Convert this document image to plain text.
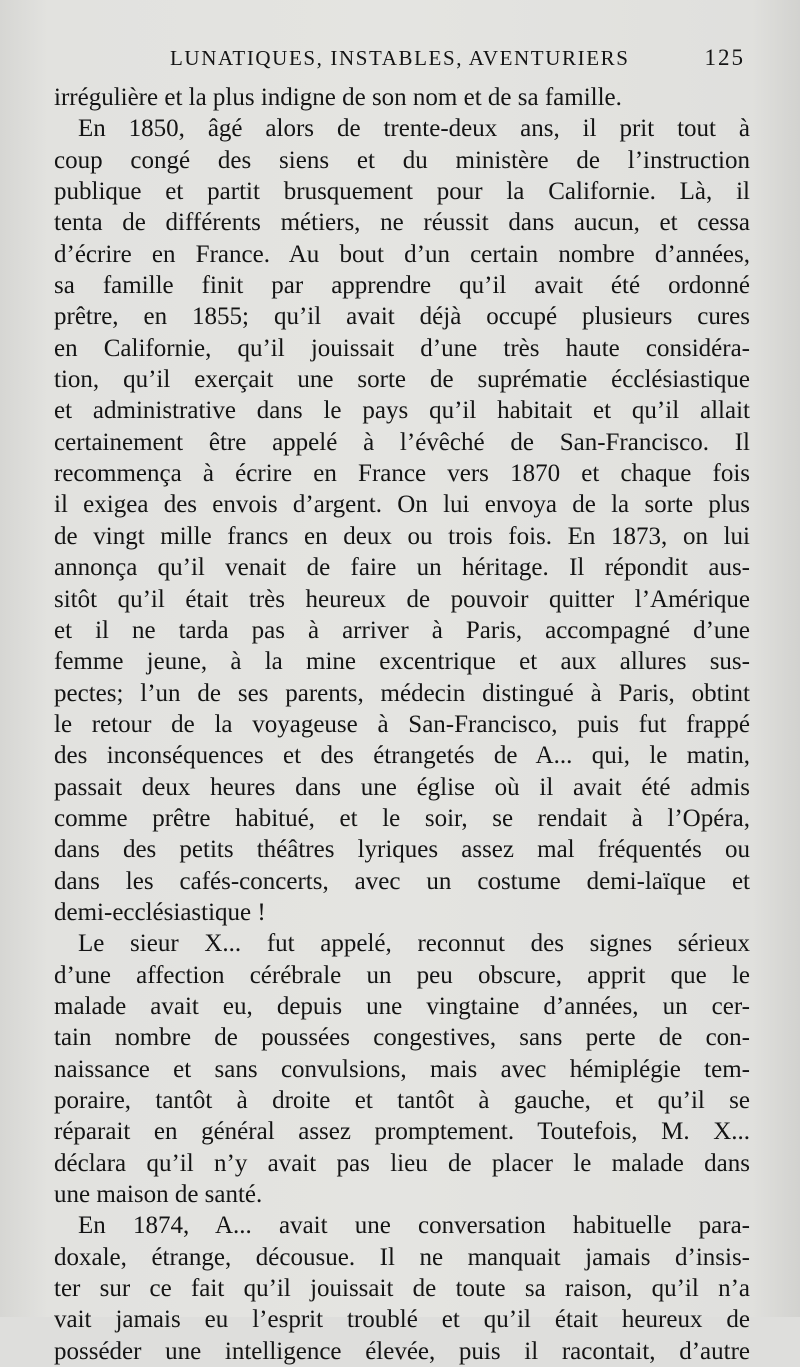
LUNATIQUES, INSTABLES, AVENTURIERS	125
irrégulière et la plus indigne de son nom et de sa famille.
En 1850, âgé alors de trente-deux ans, il prit tout à
coup congé des siens et du ministère de l’instruction
publique et partit brusquement pour la Californie. Là, il
tenta de différents métiers, ne réussit dans aucun, et cessa
d’écrire en France. Au bout d’un certain nombre d’années,
sa famille finit par apprendre qu’il avait été ordonné
prêtre, en 1855; qu’il avait déjà occupé plusieurs cures
en Californie, qu’il jouissait d’une très haute considéra-
tion, qu’il exerçait une sorte de suprématie écclésiastique
et administrative dans le pays qu’il habitait et qu’il allait
certainement être appelé à l’évêché de San-Francisco. Il
recommença à écrire en France vers 1870 et chaque fois
il exigea des envois d’argent. On lui envoya de la sorte plus
de vingt mille francs en deux ou trois fois. En 1873, on lui
annonça qu’il venait de faire un héritage. Il répondit aus-
sitôt qu’il était très heureux de pouvoir quitter l’Amérique
et il ne tarda pas à arriver à Paris, accompagné d’une
femme jeune, à la mine excentrique et aux allures sus-
pectes; l’un de ses parents, médecin distingué à Paris, obtint
le retour de la voyageuse à San-Francisco, puis fut frappé
des inconséquences et des étrangetés de A... qui, le matin,
passait deux heures dans une église où il avait été admis
comme prêtre habitué, et le soir, se rendait à l’Opéra,
dans des petits théâtres lyriques assez mal fréquentés ou
dans les cafés-concerts, avec un costume demi-laïque et
demi-ecclésiastique !
Le sieur X... fut appelé, reconnut des signes sérieux
d’une affection cérébrale un peu obscure, apprit que le
malade avait eu, depuis une vingtaine d’années, un cer-
tain nombre de poussées congestives, sans perte de con-
naissance et sans convulsions, mais avec hémiplégie tem-
poraire, tantôt à droite et tantôt à gauche, et qu’il se
réparait en général assez promptement. Toutefois, M. X...
déclara qu’il n’y avait pas lieu de placer le malade dans
une maison de santé.
En 1874, A... avait une conversation habituelle para-
doxale, étrange, décousue. Il ne manquait jamais d’insis-
ter sur ce fait qu’il jouissait de toute sa raison, qu’il n’a
vait jamais eu l’esprit troublé et qu’il était heureux de
posséder une intelligence élevée, puis il racontait, d’autre
